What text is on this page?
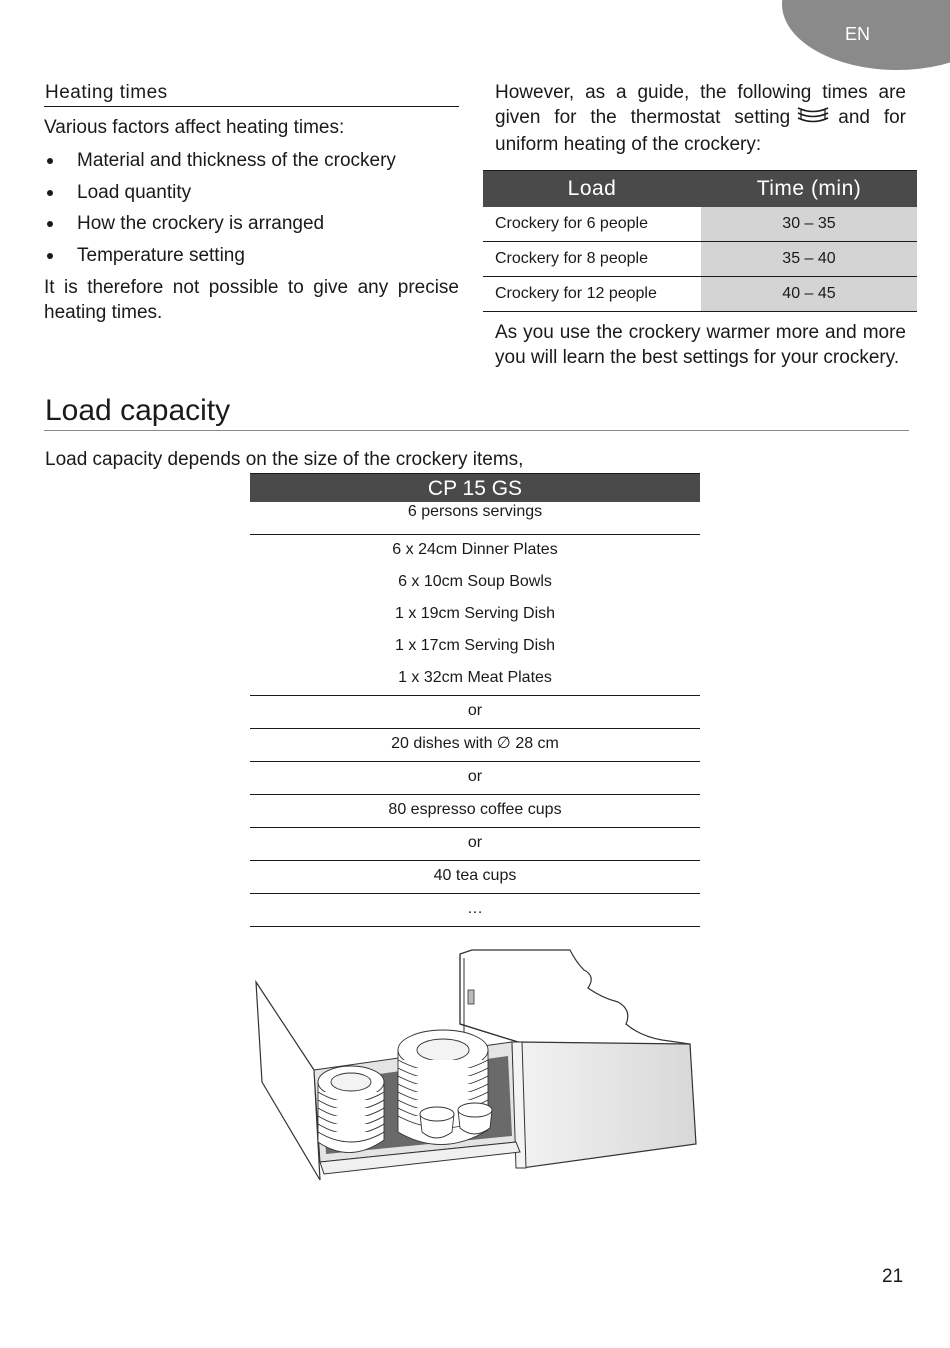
EN
Heating times

Various factors affect heating times:

Material and thickness of the crockery
Load quantity
How the crockery is arranged
Temperature setting

It is therefore not possible to give any precise heating times.

However, as a guide, the following times are given for the thermostat setting	and for uniform heating of the crockery:

Load	Time (min)
Crockery for 6 people	30 – 35
Crockery for 8 people	35 – 40
Crockery for 12 people	40 – 45

As you use the crockery warmer more and more you will learn the best settings for your crockery.

Load capacity

Load capacity depends on the size of the crockery items,

CP 15 GS
6 persons servings
6 x 24cm Dinner Plates
6 x 10cm Soup Bowls
1 x 19cm Serving Dish
1 x 17cm Serving Dish
1 x 32cm Meat Plates
or
20 dishes with ∅ 28 cm
or
80 espresso coffee cups
or
40 tea cups
…
21
